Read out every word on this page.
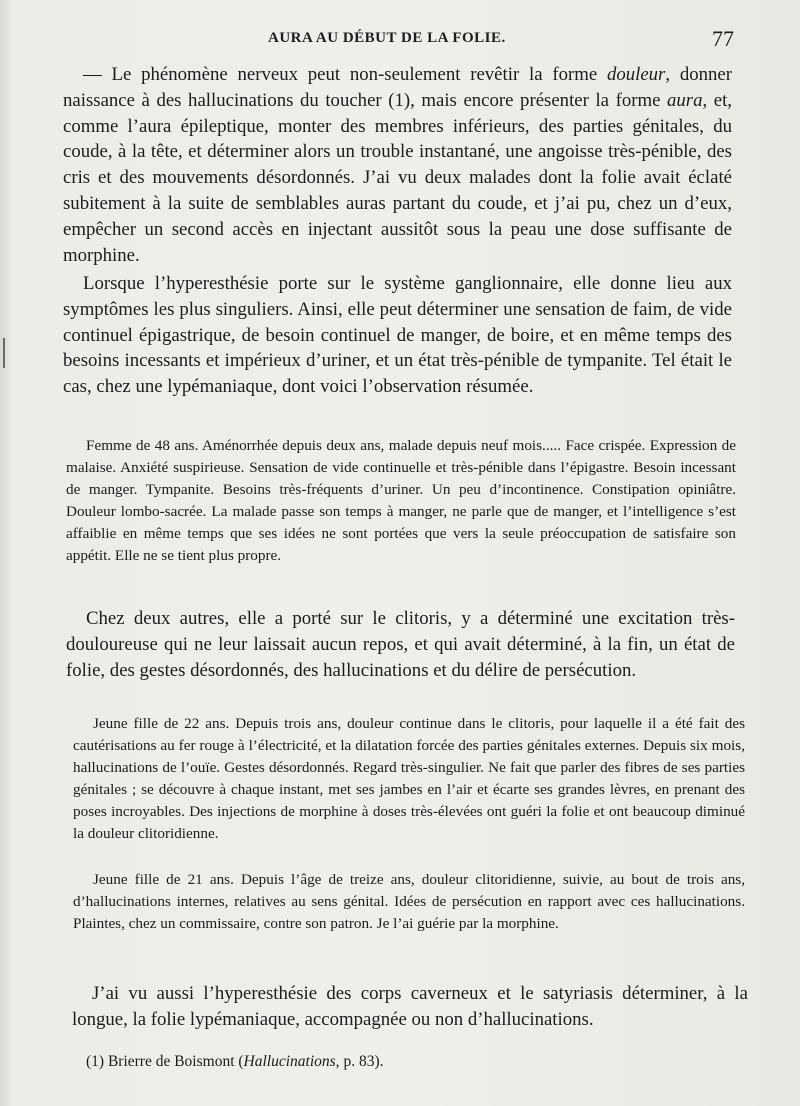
AURA AU DÉBUT DE LA FOLIE.	77

— Le phénomène nerveux peut non-seulement revêtir la forme douleur, donner naissance à des hallucinations du toucher (1), mais encore présenter la forme aura, et, comme l’aura épileptique, monter des membres inférieurs, des parties génitales, du coude, à la tête, et déterminer alors un trouble instantané, une angoisse très-pénible, des cris et des mouvements désordonnés. J’ai vu deux malades dont la folie avait éclaté subitement à la suite de semblables auras partant du coude, et j’ai pu, chez un d’eux, empêcher un second accès en injectant aussitôt sous la peau une dose suffisante de morphine.

Lorsque l’hyperesthésie porte sur le système ganglionnaire, elle donne lieu aux symptômes les plus singuliers. Ainsi, elle peut déterminer une sensation de faim, de vide continuel épigastrique, de besoin continuel de manger, de boire, et en même temps des besoins incessants et impérieux d’uriner, et un état très-pénible de tympanite. Tel était le cas, chez une lypémaniaque, dont voici l’observation résumée.

Femme de 48 ans. Aménorrhée depuis deux ans, malade depuis neuf mois..... Face crispée. Expression de malaise. Anxiété suspirieuse. Sensation de vide continuelle et très-pénible dans l’épigastre. Besoin incessant de manger. Tympanite. Besoins très-fréquents d’uriner. Un peu d’incontinence. Constipation opiniâtre. Douleur lombo-sacrée. La malade passe son temps à manger, ne parle que de manger, et l’intelligence s’est affaiblie en même temps que ses idées ne sont portées que vers la seule préoccupation de satisfaire son appétit. Elle ne se tient plus propre.

Chez deux autres, elle a porté sur le clitoris, y a déterminé une excitation très-douloureuse qui ne leur laissait aucun repos, et qui avait déterminé, à la fin, un état de folie, des gestes désordonnés, des hallucinations et du délire de persécution.

Jeune fille de 22 ans. Depuis trois ans, douleur continue dans le clitoris, pour laquelle il a été fait des cautérisations au fer rouge à l’électricité, et la dilatation forcée des parties génitales externes. Depuis six mois, hallucinations de l’ouïe. Gestes désordonnés. Regard très-singulier. Ne fait que parler des fibres de ses parties génitales ; se découvre à chaque instant, met ses jambes en l’air et écarte ses grandes lèvres, en prenant des poses incroyables. Des injections de morphine à doses très-élevées ont guéri la folie et ont beaucoup diminué la douleur clitoridienne.

Jeune fille de 21 ans. Depuis l’âge de treize ans, douleur clitoridienne, suivie, au bout de trois ans, d’hallucinations internes, relatives au sens génital. Idées de persécution en rapport avec ces hallucinations. Plaintes, chez un commissaire, contre son patron. Je l’ai guérie par la morphine.

J’ai vu aussi l’hyperesthésie des corps caverneux et le satyriasis déterminer, à la longue, la folie lypémaniaque, accompagnée ou non d’hallucinations.

(1) Brierre de Boismont (Hallucinations, p. 83).
